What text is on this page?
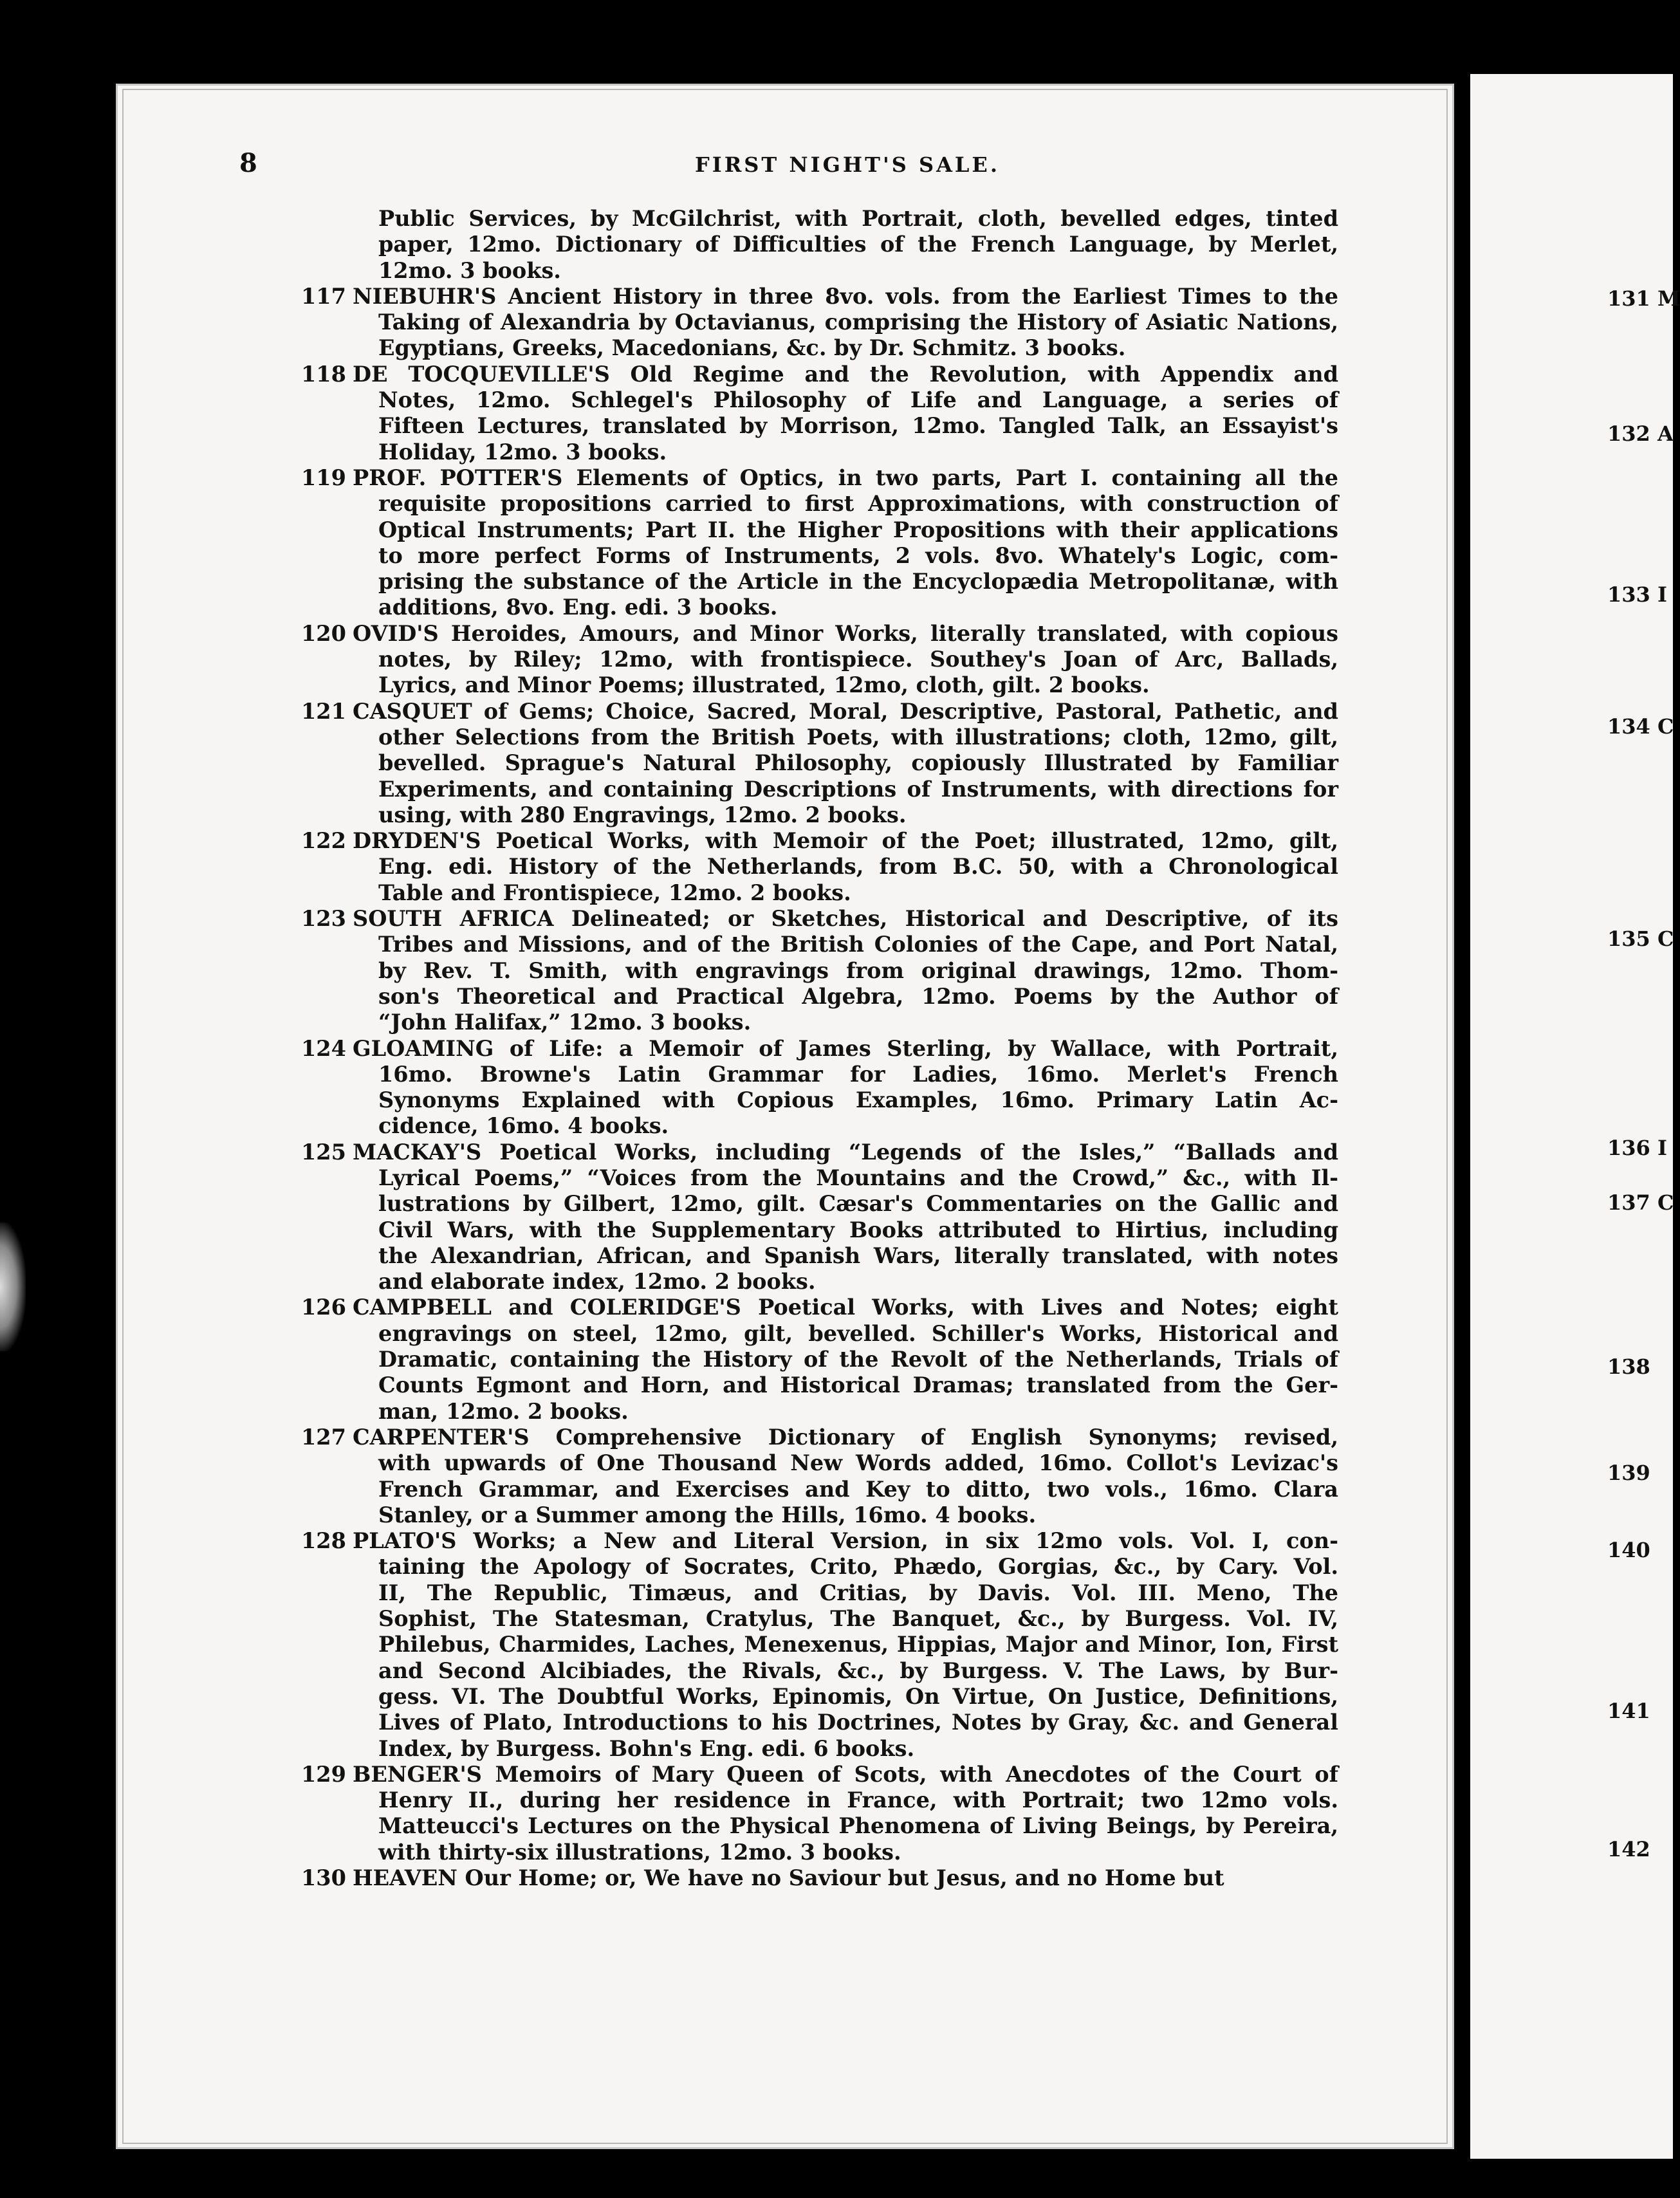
8	FIRST NIGHT'S SALE.
Public Services, by McGilchrist, with Portrait, cloth, bevelled edges, tinted
paper, 12mo. Dictionary of Difficulties of the French Language, by Merlet,
12mo. 3 books.
117 NIEBUHR'S Ancient History in three 8vo. vols. from the Earliest Times to the
Taking of Alexandria by Octavianus, comprising the History of Asiatic Nations,
Egyptians, Greeks, Macedonians, &c. by Dr. Schmitz. 3 books.
118 DE TOCQUEVILLE'S Old Regime and the Revolution, with Appendix and
Notes, 12mo. Schlegel's Philosophy of Life and Language, a series of
Fifteen Lectures, translated by Morrison, 12mo. Tangled Talk, an Essayist's
Holiday, 12mo. 3 books.
119 PROF. POTTER'S Elements of Optics, in two parts, Part I. containing all the
requisite propositions carried to first Approximations, with construction of
Optical Instruments; Part II. the Higher Propositions with their applications
to more perfect Forms of Instruments, 2 vols. 8vo. Whately's Logic, com-
prising the substance of the Article in the Encyclopædia Metropolitanæ, with
additions, 8vo. Eng. edi. 3 books.
120 OVID'S Heroides, Amours, and Minor Works, literally translated, with copious
notes, by Riley; 12mo, with frontispiece. Southey's Joan of Arc, Ballads,
Lyrics, and Minor Poems; illustrated, 12mo, cloth, gilt. 2 books.
121 CASQUET of Gems; Choice, Sacred, Moral, Descriptive, Pastoral, Pathetic, and
other Selections from the British Poets, with illustrations; cloth, 12mo, gilt,
bevelled. Sprague's Natural Philosophy, copiously Illustrated by Familiar
Experiments, and containing Descriptions of Instruments, with directions for
using, with 280 Engravings, 12mo. 2 books.
122 DRYDEN'S Poetical Works, with Memoir of the Poet; illustrated, 12mo, gilt,
Eng. edi. History of the Netherlands, from B.C. 50, with a Chronological
Table and Frontispiece, 12mo. 2 books.
123 SOUTH AFRICA Delineated; or Sketches, Historical and Descriptive, of its
Tribes and Missions, and of the British Colonies of the Cape, and Port Natal,
by Rev. T. Smith, with engravings from original drawings, 12mo. Thom-
son's Theoretical and Practical Algebra, 12mo. Poems by the Author of
“John Halifax,” 12mo. 3 books.
124 GLOAMING of Life: a Memoir of James Sterling, by Wallace, with Portrait,
16mo. Browne's Latin Grammar for Ladies, 16mo. Merlet's French
Synonyms Explained with Copious Examples, 16mo. Primary Latin Ac-
cidence, 16mo. 4 books.
125 MACKAY'S Poetical Works, including “Legends of the Isles,” “Ballads and
Lyrical Poems,” “Voices from the Mountains and the Crowd,” &c., with Il-
lustrations by Gilbert, 12mo, gilt. Cæsar's Commentaries on the Gallic and
Civil Wars, with the Supplementary Books attributed to Hirtius, including
the Alexandrian, African, and Spanish Wars, literally translated, with notes
and elaborate index, 12mo. 2 books.
126 CAMPBELL and COLERIDGE'S Poetical Works, with Lives and Notes; eight
engravings on steel, 12mo, gilt, bevelled. Schiller's Works, Historical and
Dramatic, containing the History of the Revolt of the Netherlands, Trials of
Counts Egmont and Horn, and Historical Dramas; translated from the Ger-
man, 12mo. 2 books.
127 CARPENTER'S Comprehensive Dictionary of English Synonyms; revised,
with upwards of One Thousand New Words added, 16mo. Collot's Levizac's
French Grammar, and Exercises and Key to ditto, two vols., 16mo. Clara
Stanley, or a Summer among the Hills, 16mo. 4 books.
128 PLATO'S Works; a New and Literal Version, in six 12mo vols. Vol. I, con-
taining the Apology of Socrates, Crito, Phædo, Gorgias, &c., by Cary. Vol.
II, The Republic, Timæus, and Critias, by Davis. Vol. III. Meno, The
Sophist, The Statesman, Cratylus, The Banquet, &c., by Burgess. Vol. IV,
Philebus, Charmides, Laches, Menexenus, Hippias, Major and Minor, Ion, First
and Second Alcibiades, the Rivals, &c., by Burgess. V. The Laws, by Bur-
gess. VI. The Doubtful Works, Epinomis, On Virtue, On Justice, Definitions,
Lives of Plato, Introductions to his Doctrines, Notes by Gray, &c. and General
Index, by Burgess. Bohn's Eng. edi. 6 books.
129 BENGER'S Memoirs of Mary Queen of Scots, with Anecdotes of the Court of
Henry II., during her residence in France, with Portrait; two 12mo vols.
Matteucci's Lectures on the Physical Phenomena of Living Beings, by Pereira,
with thirty-six illustrations, 12mo. 3 books.
130 HEAVEN Our Home; or, We have no Saviour but Jesus, and no Home but
131 M
132 A
133 I
134 C
135 C
136 I
137 C
138
139
140
141
142
